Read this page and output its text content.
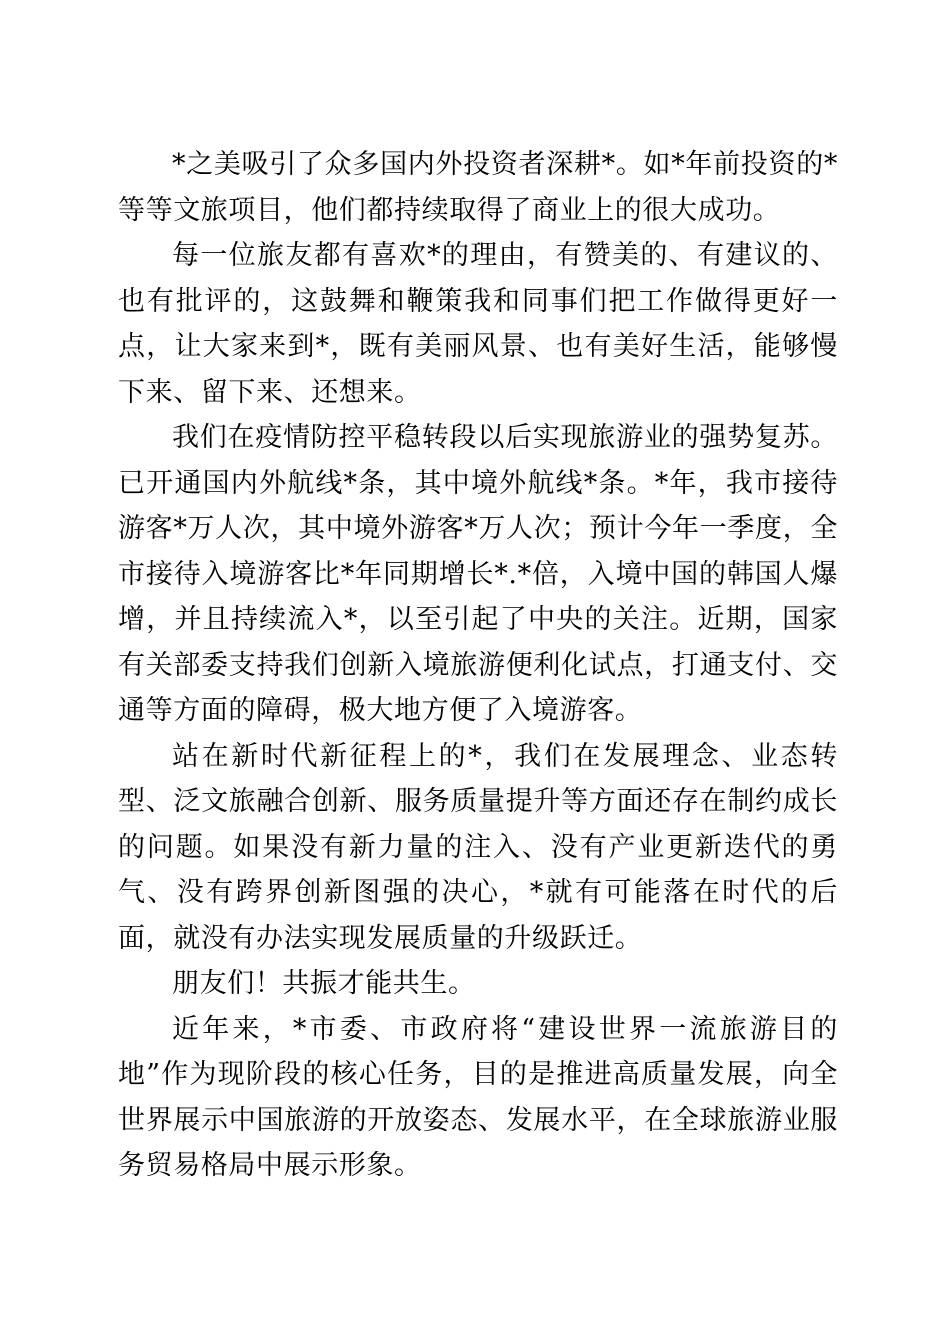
*之美吸引了众多国内外投资者深耕*。如*年前投资的*等等文旅项目，他们都持续取得了商业上的很大成功。

每一位旅友都有喜欢*的理由，有赞美的、有建议的、也有批评的，这鼓舞和鞭策我和同事们把工作做得更好一点，让大家来到*，既有美丽风景、也有美好生活，能够慢下来、留下来、还想来。

我们在疫情防控平稳转段以后实现旅游业的强势复苏。已开通国内外航线*条，其中境外航线*条。*年，我市接待游客*万人次，其中境外游客*万人次；预计今年一季度，全市接待入境游客比*年同期增长*.*倍，入境中国的韩国人爆增，并且持续流入*，以至引起了中央的关注。近期，国家有关部委支持我们创新入境旅游便利化试点，打通支付、交通等方面的障碍，极大地方便了入境游客。

站在新时代新征程上的*，我们在发展理念、业态转型、泛文旅融合创新、服务质量提升等方面还存在制约成长的问题。如果没有新力量的注入、没有产业更新迭代的勇气、没有跨界创新图强的决心，*就有可能落在时代的后面，就没有办法实现发展质量的升级跃迁。

朋友们！共振才能共生。

近年来，*市委、市政府将“建设世界一流旅游目的地”作为现阶段的核心任务，目的是推进高质量发展，向全世界展示中国旅游的开放姿态、发展水平，在全球旅游业服务贸易格局中展示形象。
